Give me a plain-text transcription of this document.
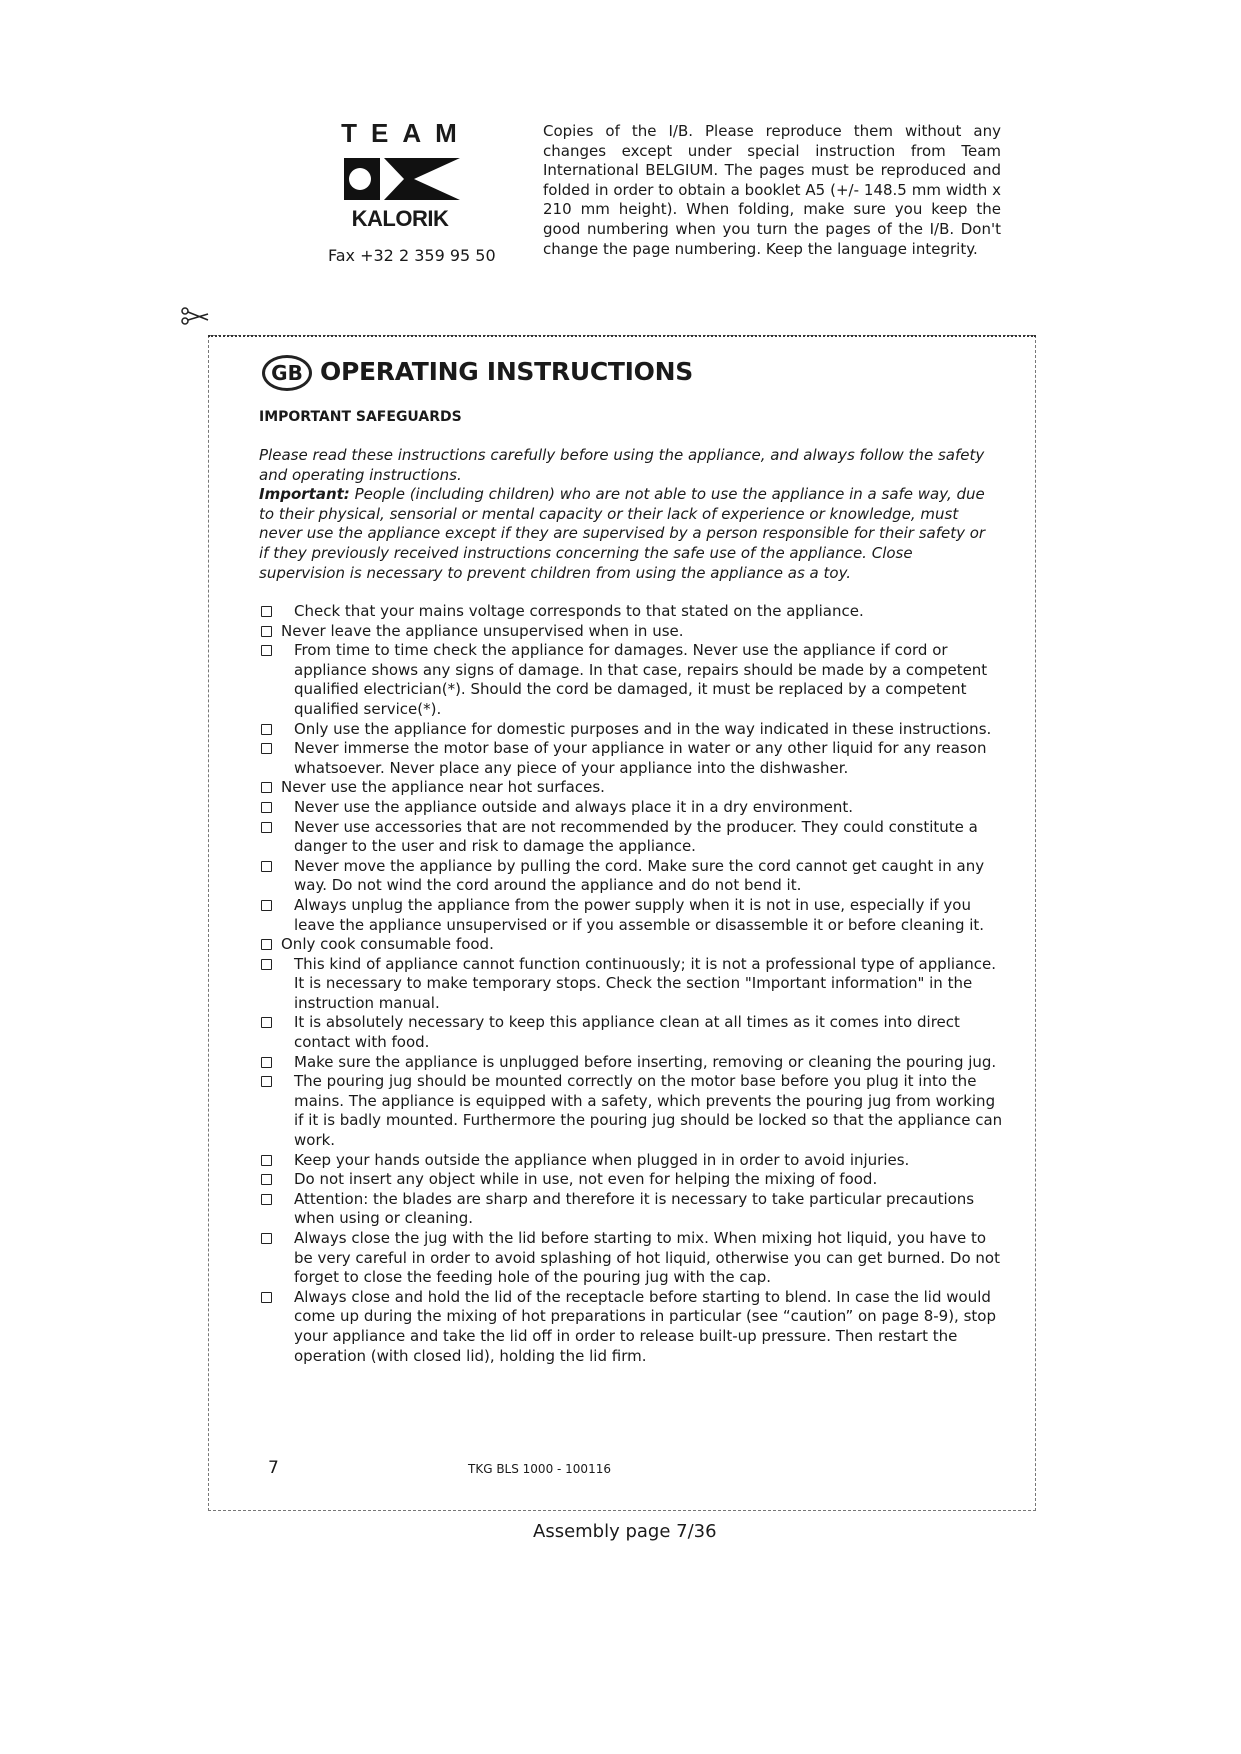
TEAM
KALORIK
Fax +32 2 359 95 50
Copies of the I/B. Please reproduce them without any changes except under special instruction from Team International BELGIUM. The pages must be reproduced and folded in order to obtain a booklet A5 (+/- 148.5 mm width x 210 mm height). When folding, make sure you keep the good numbering when you turn the pages of the I/B. Don't change the page numbering. Keep the language integrity.
GB OPERATING INSTRUCTIONS
IMPORTANT SAFEGUARDS
Please read these instructions carefully before using the appliance, and always follow the safety and operating instructions.
Important: People (including children) who are not able to use the appliance in a safe way, due to their physical, sensorial or mental capacity or their lack of experience or knowledge, must never use the appliance except if they are supervised by a person responsible for their safety or if they previously received instructions concerning the safe use of the appliance. Close supervision is necessary to prevent children from using the appliance as a toy.
Check that your mains voltage corresponds to that stated on the appliance.
Never leave the appliance unsupervised when in use.
From time to time check the appliance for damages. Never use the appliance if cord or appliance shows any signs of damage. In that case, repairs should be made by a competent qualified electrician(*). Should the cord be damaged, it must be replaced by a competent qualified service(*).
Only use the appliance for domestic purposes and in the way indicated in these instructions.
Never immerse the motor base of your appliance in water or any other liquid for any reason whatsoever. Never place any piece of your appliance into the dishwasher.
Never use the appliance near hot surfaces.
Never use the appliance outside and always place it in a dry environment.
Never use accessories that are not recommended by the producer. They could constitute a danger to the user and risk to damage the appliance.
Never move the appliance by pulling the cord. Make sure the cord cannot get caught in any way. Do not wind the cord around the appliance and do not bend it.
Always unplug the appliance from the power supply when it is not in use, especially if you leave the appliance unsupervised or if you assemble or disassemble it or before cleaning it.
Only cook consumable food.
This kind of appliance cannot function continuously; it is not a professional type of appliance. It is necessary to make temporary stops. Check the section "Important information" in the instruction manual.
It is absolutely necessary to keep this appliance clean at all times as it comes into direct contact with food.
Make sure the appliance is unplugged before inserting, removing or cleaning the pouring jug.
The pouring jug should be mounted correctly on the motor base before you plug it into the mains. The appliance is equipped with a safety, which prevents the pouring jug from working if it is badly mounted. Furthermore the pouring jug should be locked so that the appliance can work.
Keep your hands outside the appliance when plugged in in order to avoid injuries.
Do not insert any object while in use, not even for helping the mixing of food.
Attention: the blades are sharp and therefore it is necessary to take particular precautions when using or cleaning.
Always close the jug with the lid before starting to mix. When mixing hot liquid, you have to be very careful in order to avoid splashing of hot liquid, otherwise you can get burned. Do not forget to close the feeding hole of the pouring jug with the cap.
Always close and hold the lid of the receptacle before starting to blend. In case the lid would come up during the mixing of hot preparations in particular (see “caution” on page 8-9), stop your appliance and take the lid off in order to release built-up pressure. Then restart the operation (with closed lid), holding the lid firm.
7	TKG BLS 1000 - 100116
Assembly page 7/36
